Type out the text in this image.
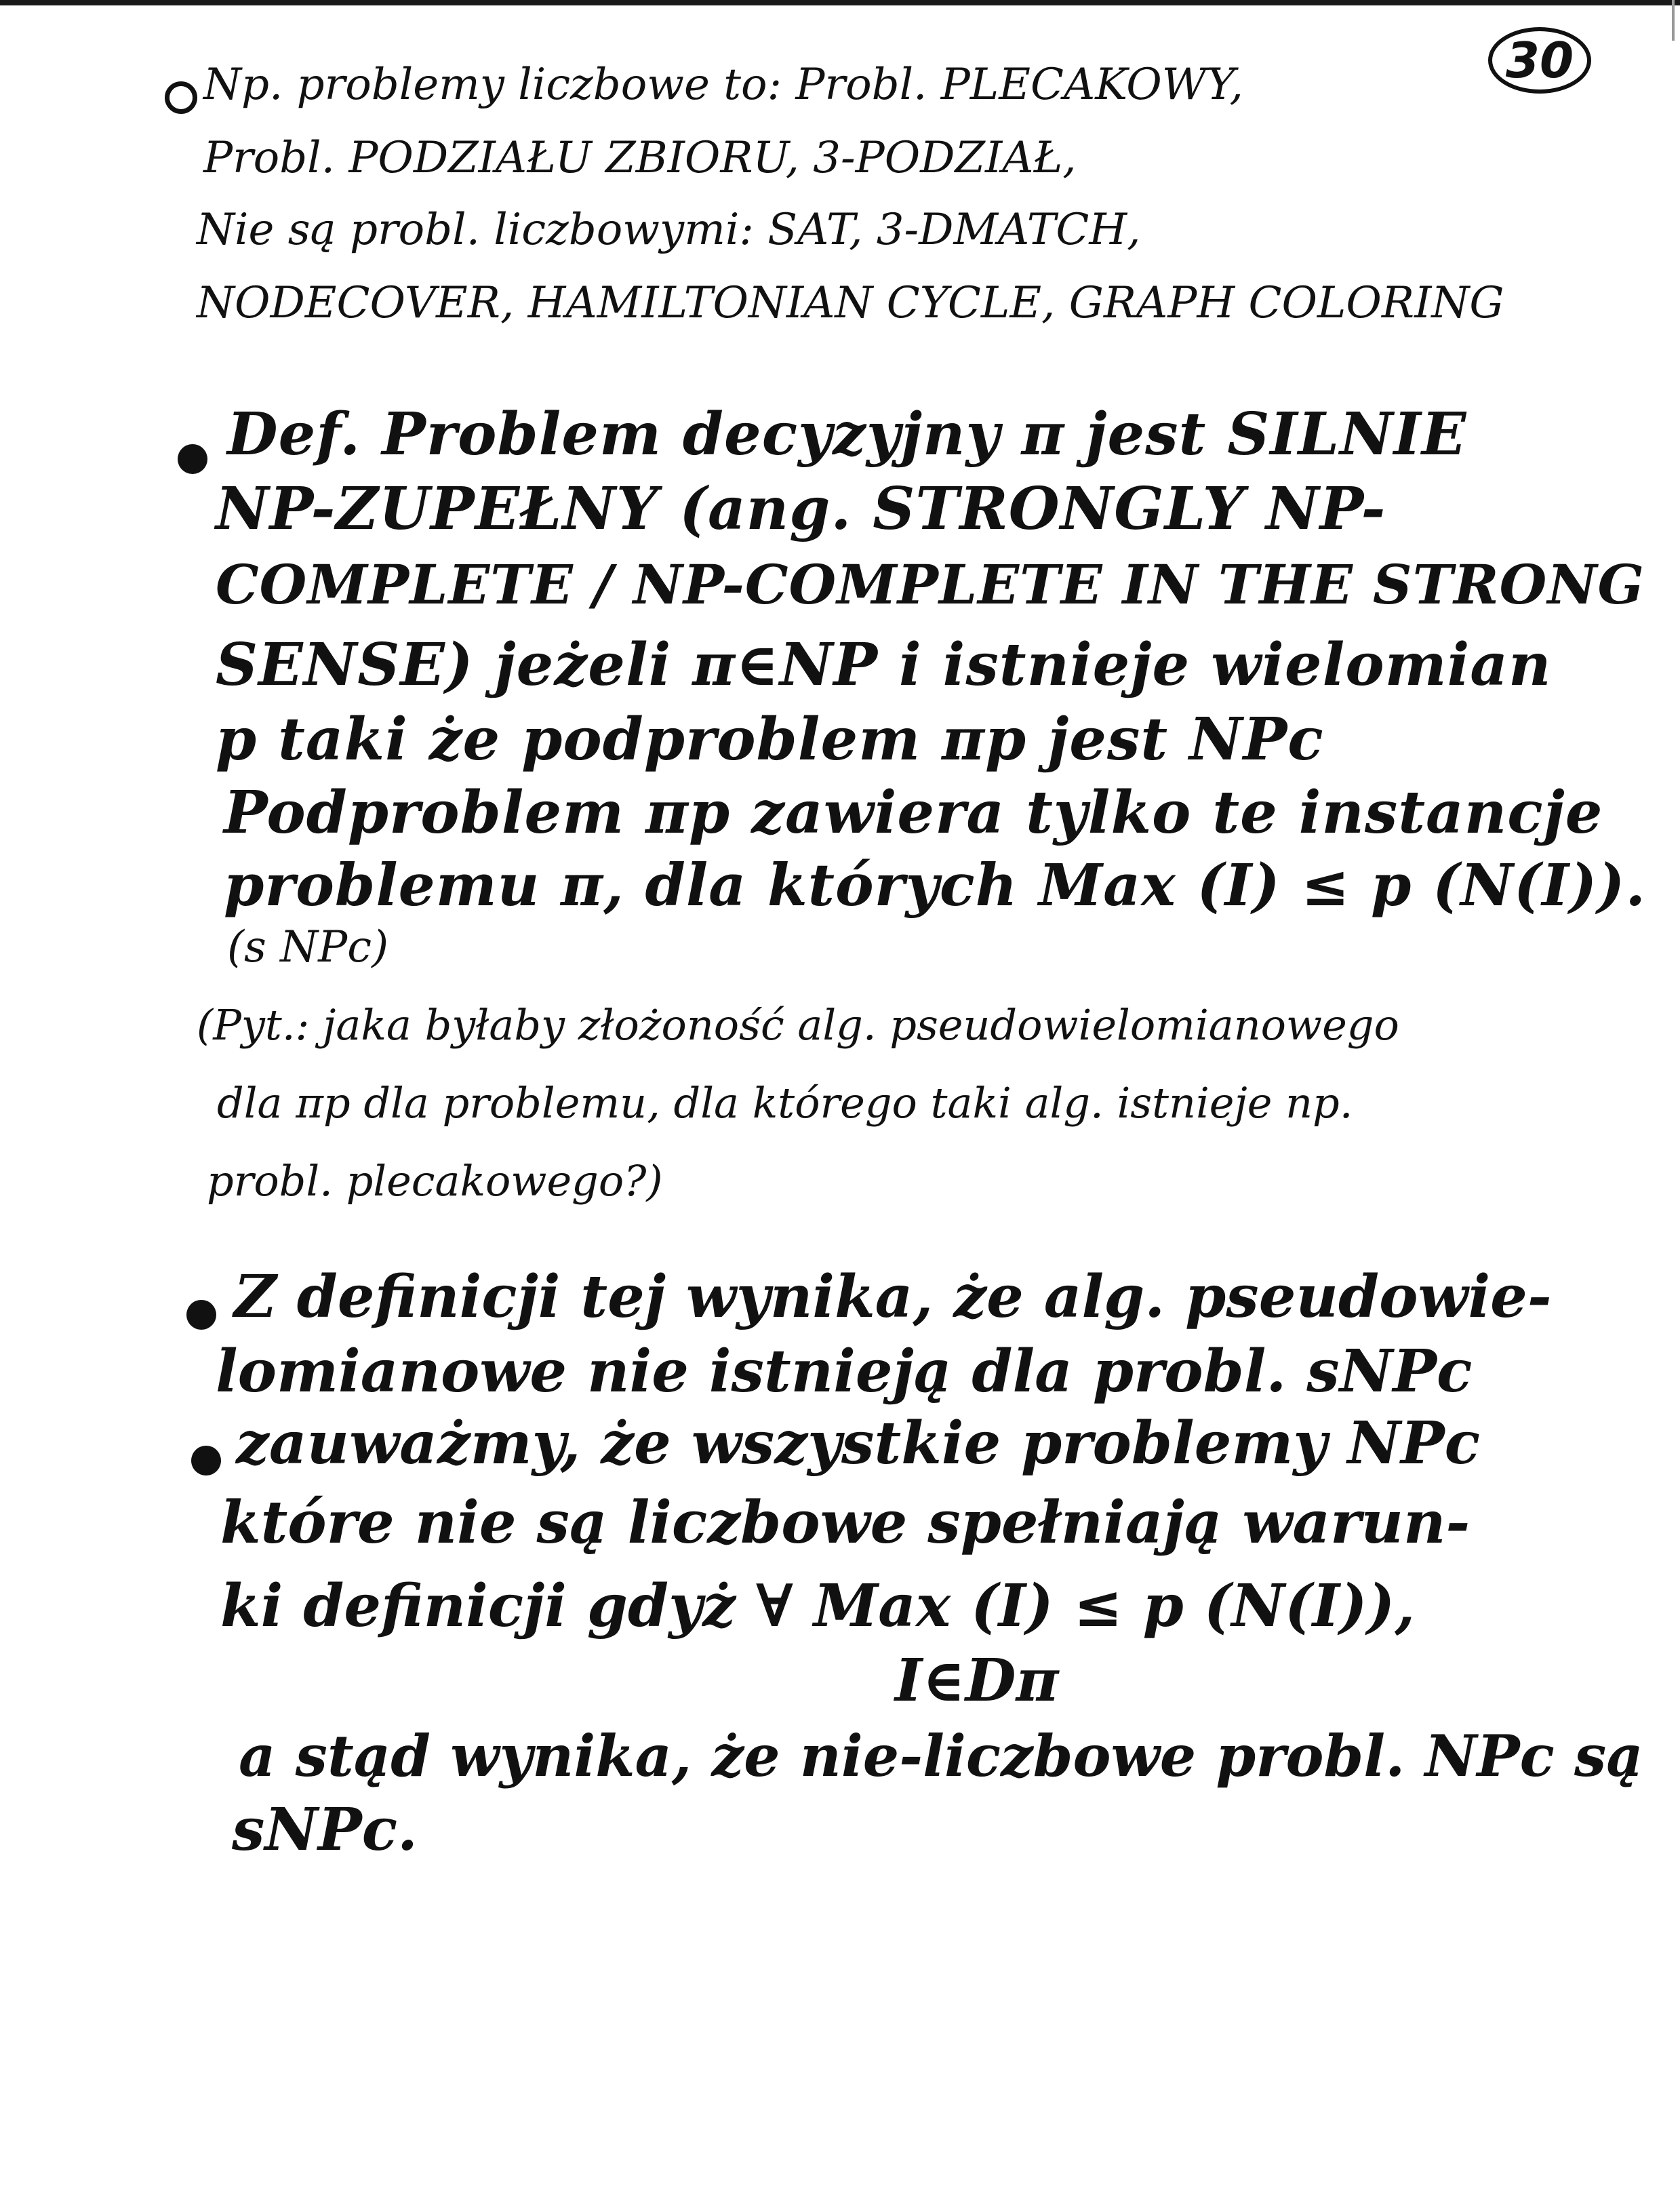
30
Np. problemy liczbowe to: Probl. PLECAKOWY,
Probl. PODZIAŁU ZBIORU, 3-PODZIAŁ,
Nie są probl. liczbowymi: SAT, 3-DMATCH,
NODECOVER, HAMILTONIAN CYCLE, GRAPH COLORING
Def. Problem decyzyjny π jest SILNIE
NP-ZUPEŁNY (ang. STRONGLY NP-
COMPLETE / NP-COMPLETE IN THE STRONG
SENSE) jeżeli π∈NP i istnieje wielomian
p taki że podproblem πp jest NPc
Podproblem πp zawiera tylko te instancje
problemu π, dla których Max (I) ≤ p (N(I)).
(s NPc)
(Pyt.: jaka byłaby złożoność alg. pseudowielomianowego
dla πp dla problemu, dla którego taki alg. istnieje np.
probl. plecakowego?)
Z definicji tej wynika, że alg. pseudowie-
lomianowe nie istnieją dla probl. sNPc
zauważmy, że wszystkie problemy NPc
które nie są liczbowe spełniają warun-
ki definicji gdyż ∀ Max (I) ≤ p (N(I)),
I∈Dπ
a stąd wynika, że nie-liczbowe probl. NPc są
sNPc.
